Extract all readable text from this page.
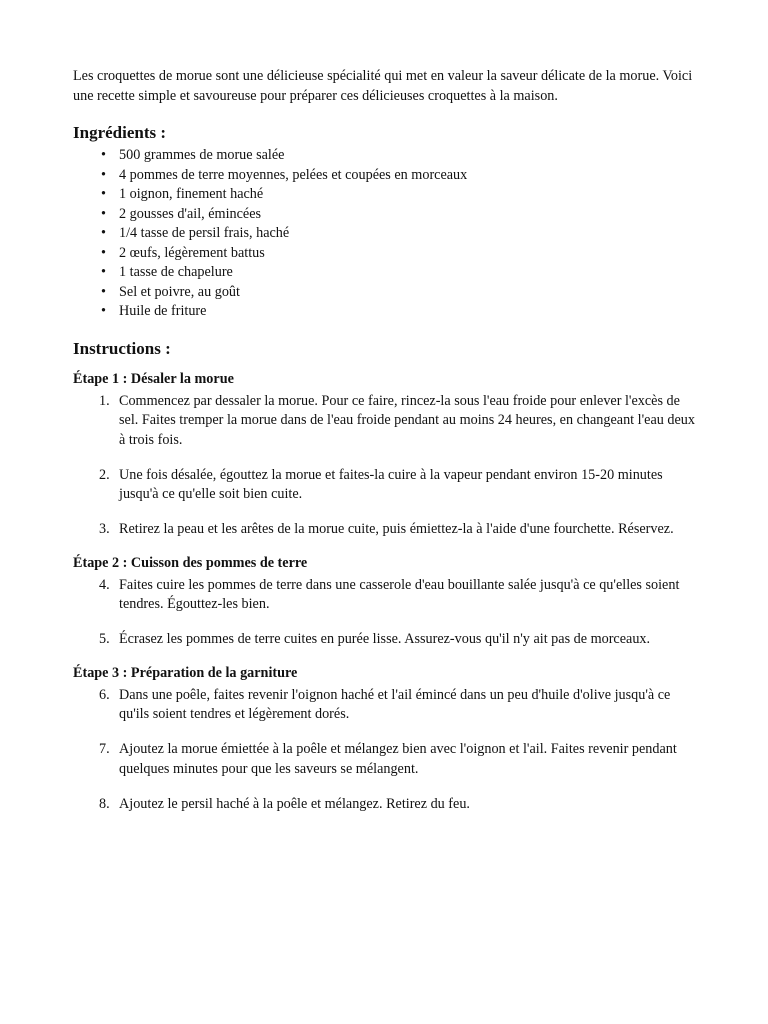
Les croquettes de morue sont une délicieuse spécialité qui met en valeur la saveur délicate de la morue. Voici une recette simple et savoureuse pour préparer ces délicieuses croquettes à la maison.

Ingrédients :
• 500 grammes de morue salée
• 4 pommes de terre moyennes, pelées et coupées en morceaux
• 1 oignon, finement haché
• 2 gousses d'ail, émincées
• 1/4 tasse de persil frais, haché
• 2 œufs, légèrement battus
• 1 tasse de chapelure
• Sel et poivre, au goût
• Huile de friture
Instructions :
Étape 1 : Désaler la morue
1. Commencez par dessaler la morue. Pour ce faire, rincez-la sous l'eau froide pour enlever l'excès de sel. Faites tremper la morue dans de l'eau froide pendant au moins 24 heures, en changeant l'eau deux à trois fois.
2. Une fois désalée, égouttez la morue et faites-la cuire à la vapeur pendant environ 15-20 minutes jusqu'à ce qu'elle soit bien cuite.
3. Retirez la peau et les arêtes de la morue cuite, puis émiettez-la à l'aide d'une fourchette. Réservez.
Étape 2 : Cuisson des pommes de terre
4. Faites cuire les pommes de terre dans une casserole d'eau bouillante salée jusqu'à ce qu'elles soient tendres. Égouttez-les bien.
5. Écrasez les pommes de terre cuites en purée lisse. Assurez-vous qu'il n'y ait pas de morceaux.
Étape 3 : Préparation de la garniture
6. Dans une poêle, faites revenir l'oignon haché et l'ail émincé dans un peu d'huile d'olive jusqu'à ce qu'ils soient tendres et légèrement dorés.
7. Ajoutez la morue émiettée à la poêle et mélangez bien avec l'oignon et l'ail. Faites revenir pendant quelques minutes pour que les saveurs se mélangent.
8. Ajoutez le persil haché à la poêle et mélangez. Retirez du feu.
